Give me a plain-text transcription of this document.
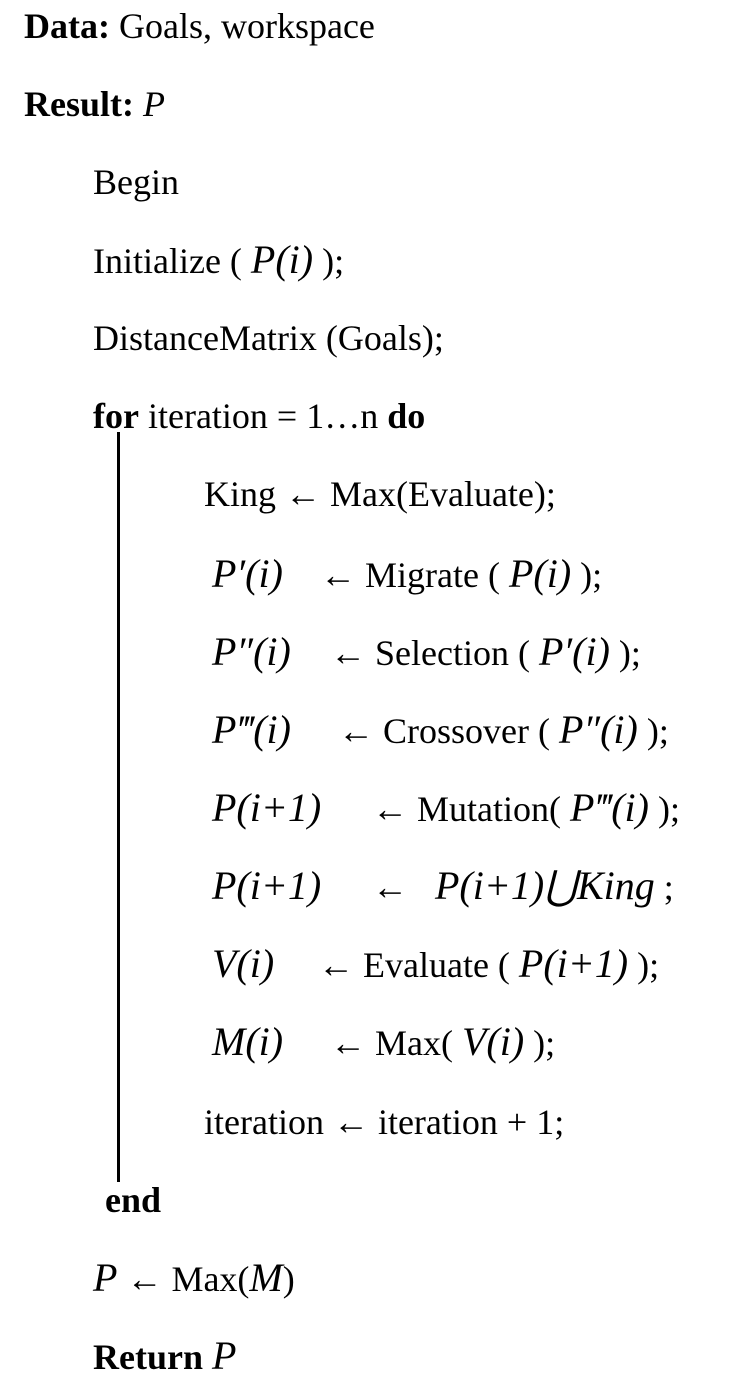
Data: Goals, workspace
Result: P
Begin
Initialize ( P(i) );
DistanceMatrix (Goals);
for iteration = 1…n do
King ← Max(Evaluate);
P′(i) ← Migrate ( P(i) );
P″(i) ← Selection ( P′(i) );
P‴(i) ← Crossover ( P″(i) );
P(i+1) ← Mutation( P‴(i) );
P(i+1) ←   P(i+1)⋃King ;
V(i) ← Evaluate ( P(i+1) );
M(i) ← Max( V(i) );
iteration ← iteration + 1;
end
P ← Max(M)
Return P
